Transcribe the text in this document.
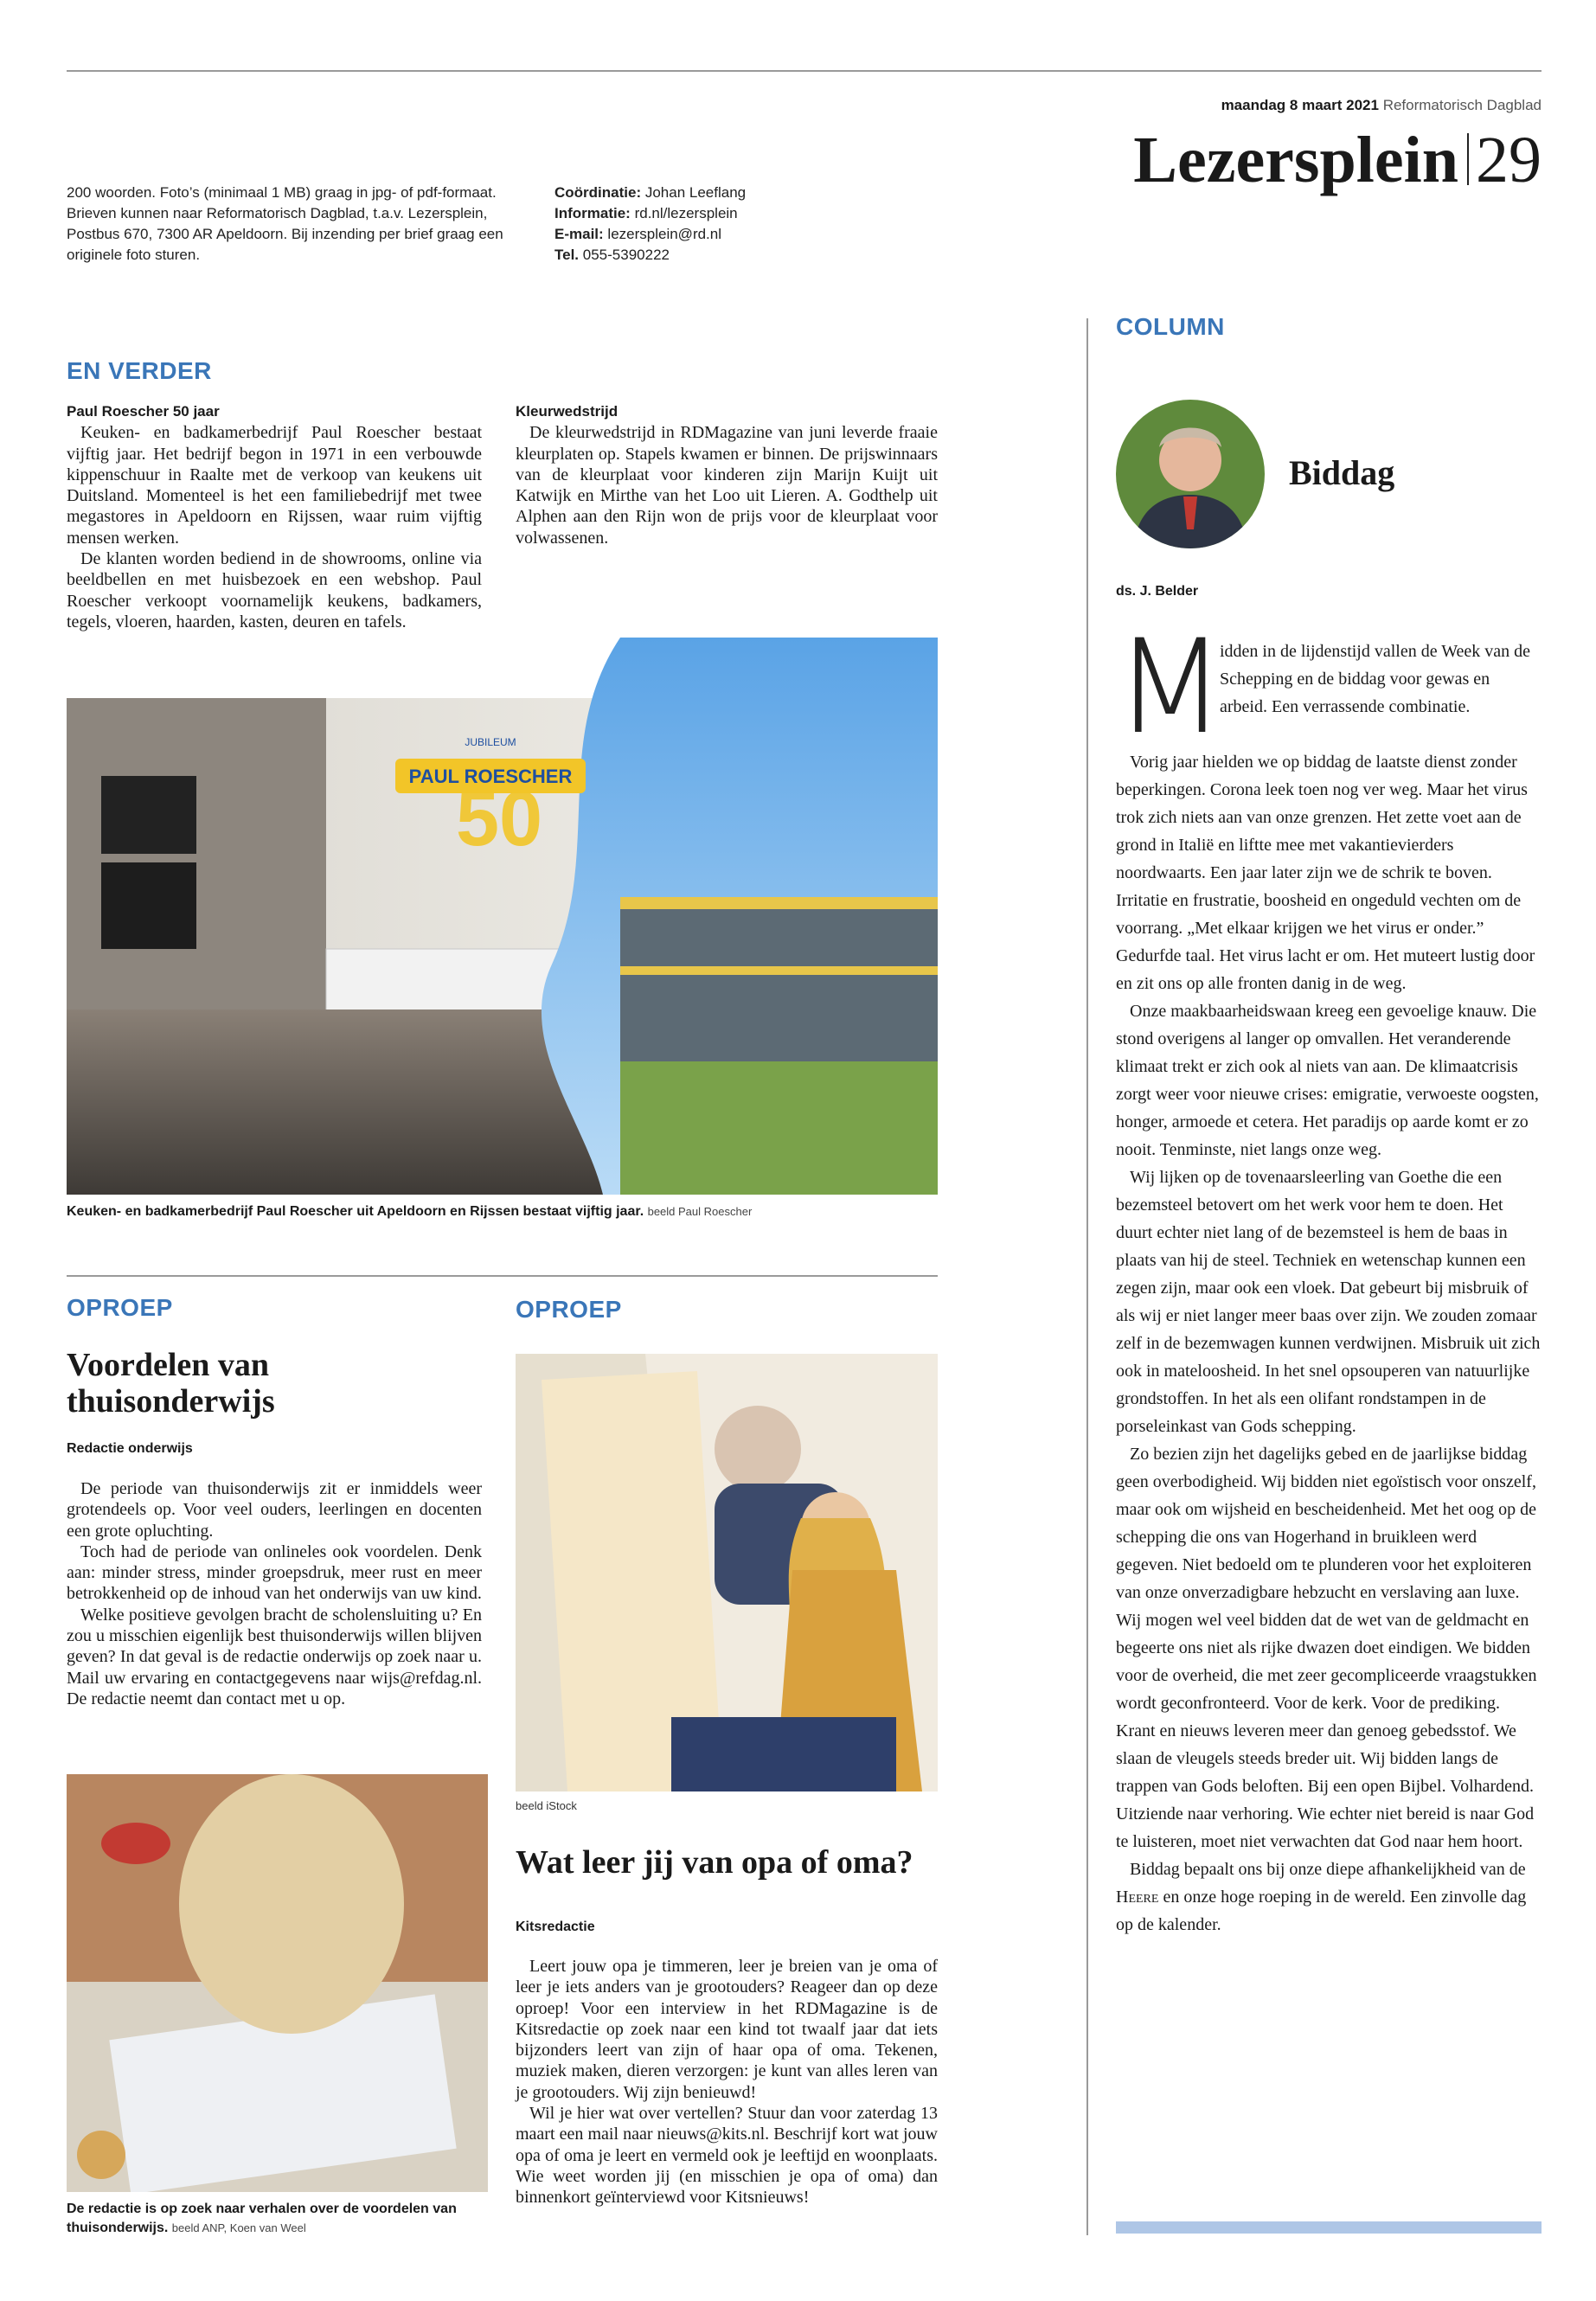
maandag 8 maart 2021 Reformatorisch Dagblad
Lezersplein 29
200 woorden. Foto’s (minimaal 1 MB) graag in jpg- of pdf-formaat. Brieven kunnen naar Reformatorisch Dagblad, t.a.v. Lezersplein, Postbus 670, 7300 AR Apeldoorn. Bij inzending per brief graag een originele foto sturen.
Coördinatie: Johan Leeflang
Informatie: rd.nl/lezersplein
E-mail: lezersplein@rd.nl
Tel. 055-5390222
EN VERDER

Paul Roescher 50 jaar

Keuken- en badkamerbedrijf Paul Roescher bestaat vijftig jaar. Het bedrijf begon in 1971 in een verbouwde kippenschuur in Raalte met de verkoop van keukens uit Duitsland. Momenteel is het een familiebedrijf met twee megastores in Apeldoorn en Rijssen, waar ruim vijftig mensen werken.

De klanten worden bediend in de showrooms, online via beeldbellen en met huisbezoek en een webshop. Paul Roescher verkoopt voornamelijk keukens, badkamers, tegels, vloeren, haarden, kasten, deuren en tafels.

Kleurwedstrijd

De kleurwedstrijd in RDMagazine van juni leverde fraaie kleurplaten op. Stapels kwamen er binnen. De prijswinnaars van de kleurplaat voor kinderen zijn Marijn Kuijt uit Katwijk en Mirthe van het Loo uit Lieren. A. Godthelp uit Alphen aan den Rijn won de prijs voor de kleurplaat voor volwassenen.

PAUL ROESCHER
JUBILEUM
50
Keuken- en badkamerbedrijf Paul Roescher uit Apeldoorn en Rijssen bestaat vijftig jaar. beeld Paul Roescher
OPROEP
Voordelen van thuisonderwijs
Redactie onderwijs

De periode van thuisonderwijs zit er inmiddels weer grotendeels op. Voor veel ouders, leerlingen en docenten een grote opluchting.

Toch had de periode van onlineles ook voordelen. Denk aan: minder stress, minder groepsdruk, meer rust en meer betrokkenheid op de inhoud van het onderwijs van uw kind.

Welke positieve gevolgen bracht de scholensluiting u? En zou u misschien eigenlijk best thuisonderwijs willen blijven geven? In dat geval is de redactie onderwijs op zoek naar u. Mail uw ervaring en contactgegevens naar wijs@refdag.nl. De redactie neemt dan contact met u op.

De redactie is op zoek naar verhalen over de voordelen van thuisonderwijs. beeld ANP, Koen van Weel
OPROEP
beeld iStock
Wat leer jij van opa of oma?
Kitsredactie

Leert jouw opa je timmeren, leer je breien van je oma of leer je iets anders van je grootouders? Reageer dan op deze oproep! Voor een interview in het RDMagazine is de Kitsredactie op zoek naar een kind tot twaalf jaar dat iets bijzonders leert van zijn of haar opa of oma. Tekenen, muziek maken, dieren verzorgen: je kunt van alles leren van je grootouders. Wij zijn benieuwd!

Wil je hier wat over vertellen? Stuur dan voor zaterdag 13 maart een mail naar nieuws@kits.nl. Beschrijf kort wat jouw opa of oma je leert en vermeld ook je leeftijd en woonplaats. Wie weet worden jij (en misschien je opa of oma) dan binnenkort geïnterviewd voor Kitsnieuws!

COLUMN
Biddag
ds. J. Belder
M
idden in de lijdenstijd vallen de Week van de Schepping en de biddag voor gewas en arbeid. Een verrassende combinatie.

Vorig jaar hielden we op biddag de laatste dienst zonder beperkingen. Corona leek toen nog ver weg. Maar het virus trok zich niets aan van onze grenzen. Het zette voet aan de grond in Italië en liftte mee met vakantievierders noordwaarts. Een jaar later zijn we de schrik te boven. Irritatie en frustratie, boosheid en ongeduld vechten om de voorrang. „Met elkaar krijgen we het virus er onder.” Gedurfde taal. Het virus lacht er om. Het muteert lustig door en zit ons op alle fronten danig in de weg.

Onze maakbaarheidswaan kreeg een gevoelige knauw. Die stond overigens al langer op omvallen. Het veranderende klimaat trekt er zich ook al niets van aan. De klimaatcrisis zorgt weer voor nieuwe crises: emigratie, verwoeste oogsten, honger, armoede et cetera. Het paradijs op aarde komt er zo nooit. Tenminste, niet langs onze weg.

Wij lijken op de tovenaarsleerling van Goethe die een bezemsteel betovert om het werk voor hem te doen. Het duurt echter niet lang of de bezemsteel is hem de baas in plaats van hij de steel. Techniek en wetenschap kunnen een zegen zijn, maar ook een vloek. Dat gebeurt bij misbruik of als wij er niet langer meer baas over zijn. We zouden zomaar zelf in de bezemwagen kunnen verdwijnen. Misbruik uit zich ook in mateloosheid. In het snel opsouperen van natuurlijke grondstoffen. In het als een olifant rondstampen in de porseleinkast van Gods schepping.

Zo bezien zijn het dagelijks gebed en de jaarlijkse biddag geen overbodigheid. Wij bidden niet egoïstisch voor onszelf, maar ook om wijsheid en bescheidenheid. Met het oog op de schepping die ons van Hogerhand in bruikleen werd gegeven. Niet bedoeld om te plunderen voor het exploiteren van onze onverzadigbare hebzucht en verslaving aan luxe. Wij mogen wel veel bidden dat de wet van de geldmacht en begeerte ons niet als rijke dwazen doet eindigen. We bidden voor de overheid, die met zeer gecompliceerde vraagstukken wordt geconfronteerd. Voor de kerk. Voor de prediking. Krant en nieuws leveren meer dan genoeg gebedsstof. We slaan de vleugels steeds breder uit. Wij bidden langs de trappen van Gods beloften. Bij een open Bijbel. Volhardend. Uitziende naar verhoring. Wie echter niet bereid is naar God te luisteren, moet niet verwachten dat God naar hem hoort.

Biddag bepaalt ons bij onze diepe afhankelijkheid van de Heere en onze hoge roeping in de wereld. Een zinvolle dag op de kalender.
